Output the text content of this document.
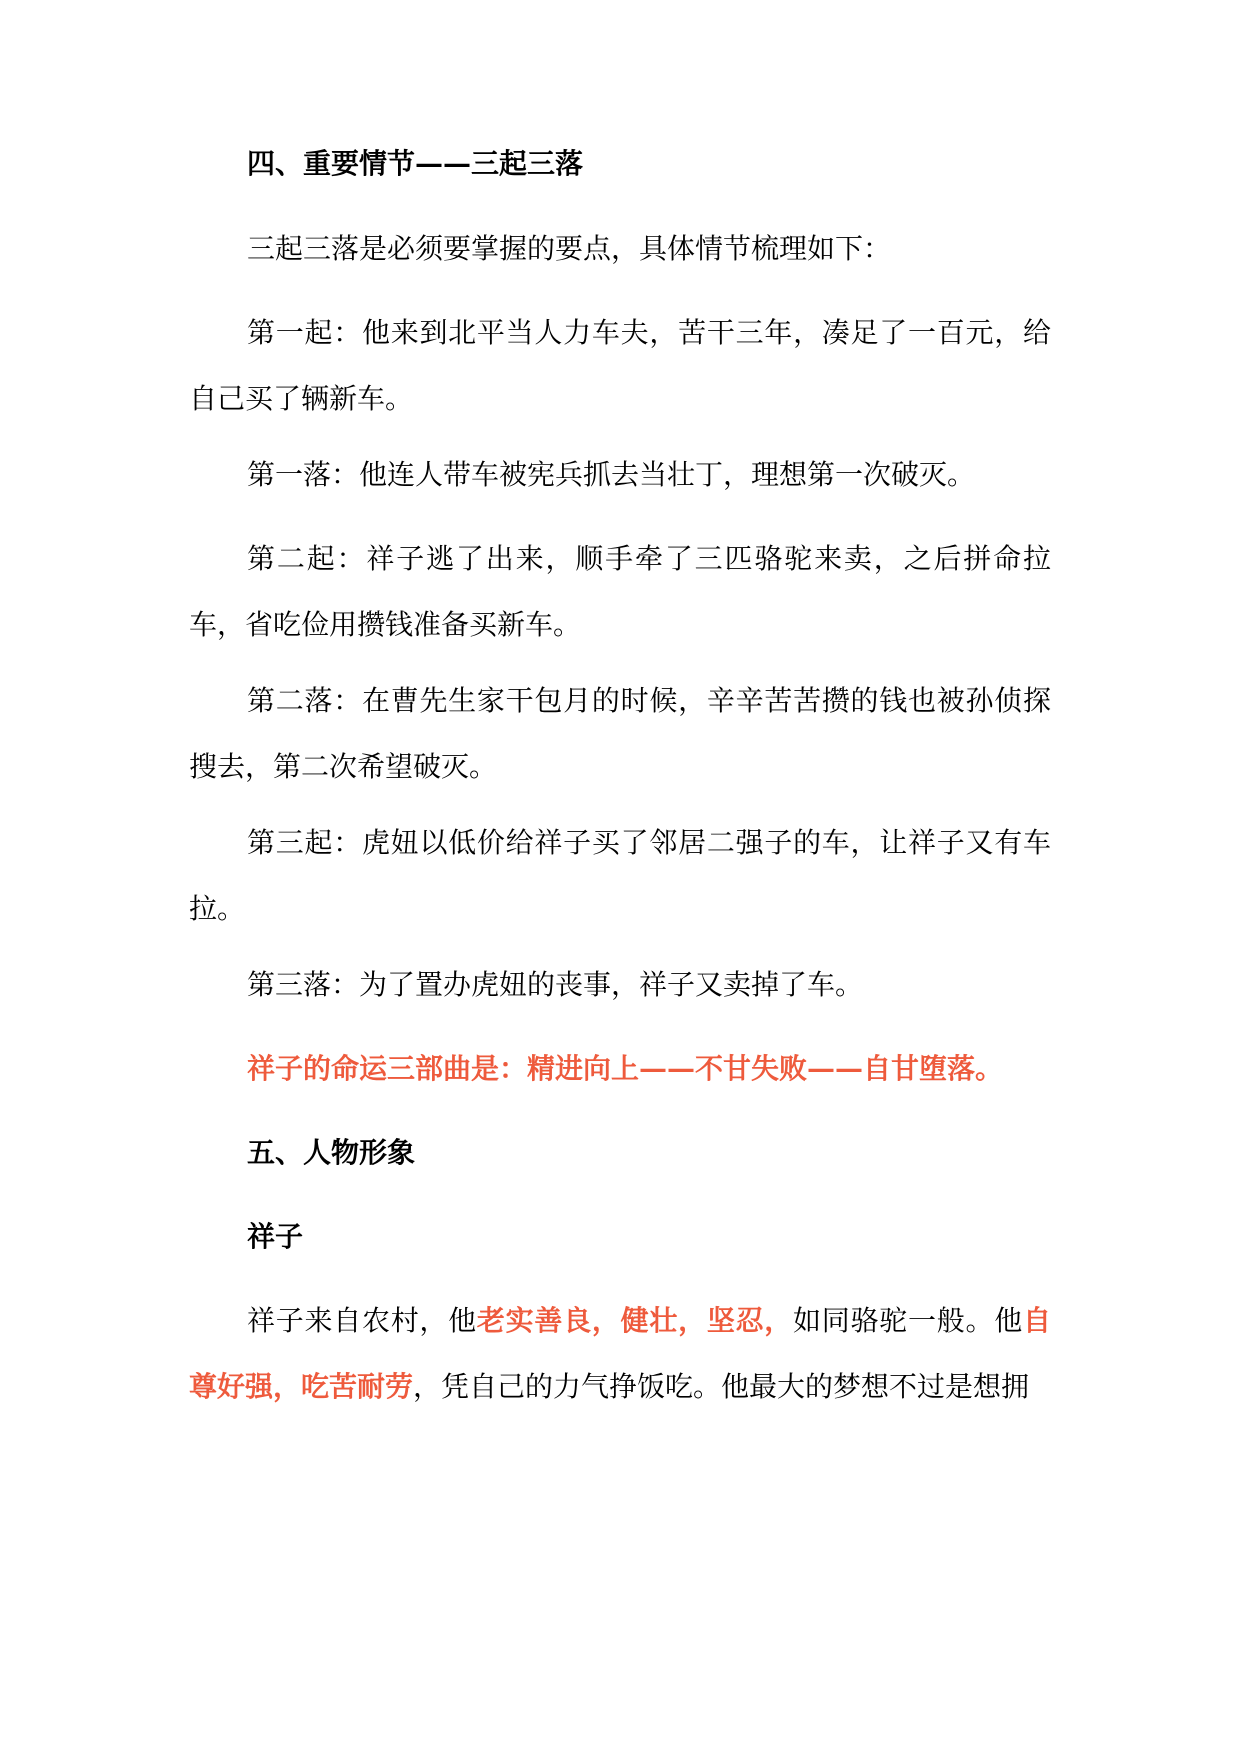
四、重要情节——三起三落

三起三落是必须要掌握的要点，具体情节梳理如下：

第一起：他来到北平当人力车夫，苦干三年，凑足了一百元，给自己买了辆新车。

第一落：他连人带车被宪兵抓去当壮丁，理想第一次破灭。

第二起：祥子逃了出来，顺手牵了三匹骆驼来卖，之后拼命拉车，省吃俭用攒钱准备买新车。

第二落：在曹先生家干包月的时候，辛辛苦苦攒的钱也被孙侦探搜去，第二次希望破灭。

第三起：虎妞以低价给祥子买了邻居二强子的车，让祥子又有车拉。

第三落：为了置办虎妞的丧事，祥子又卖掉了车。

祥子的命运三部曲是：精进向上——不甘失败——自甘堕落。

五、人物形象

祥子

祥子来自农村，他老实善良，健壮，坚忍，如同骆驼一般。他自尊好强，吃苦耐劳，凭自己的力气挣饭吃。他最大的梦想不过是想拥
